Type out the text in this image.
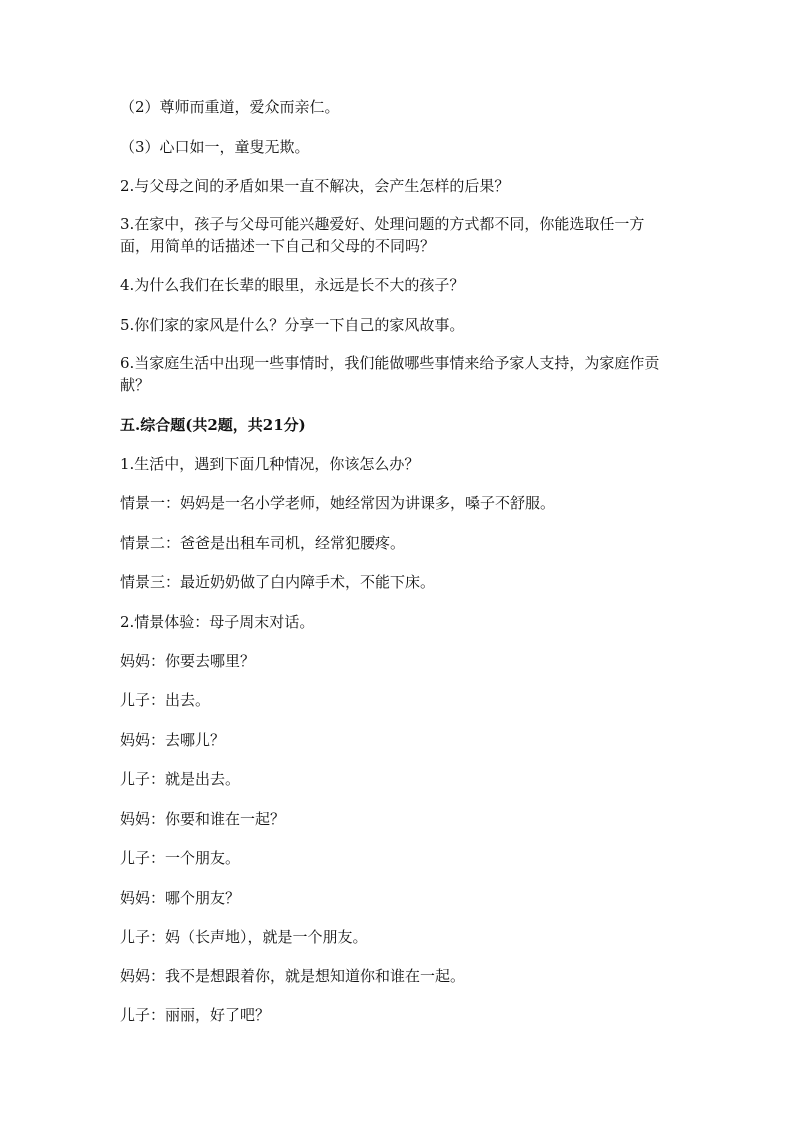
（2）尊师而重道，爱众而亲仁。
（3）心口如一，童叟无欺。
2.与父母之间的矛盾如果一直不解决，会产生怎样的后果？
3.在家中，孩子与父母可能兴趣爱好、处理问题的方式都不同，你能选取任一方面，用简单的话描述一下自己和父母的不同吗？
4.为什么我们在长辈的眼里，永远是长不大的孩子？
5.你们家的家风是什么？分享一下自己的家风故事。
6.当家庭生活中出现一些事情时，我们能做哪些事情来给予家人支持，为家庭作贡献？
五.综合题(共2题，共21分)
1.生活中，遇到下面几种情况，你该怎么办？
情景一：妈妈是一名小学老师，她经常因为讲课多，嗓子不舒服。
情景二：爸爸是出租车司机，经常犯腰疼。
情景三：最近奶奶做了白内障手术，不能下床。
2.情景体验：母子周末对话。
妈妈：你要去哪里？
儿子：出去。
妈妈：去哪儿？
儿子：就是出去。
妈妈：你要和谁在一起？
儿子：一个朋友。
妈妈：哪个朋友？
儿子：妈（长声地），就是一个朋友。
妈妈：我不是想跟着你，就是想知道你和谁在一起。
儿子：丽丽，好了吧？
